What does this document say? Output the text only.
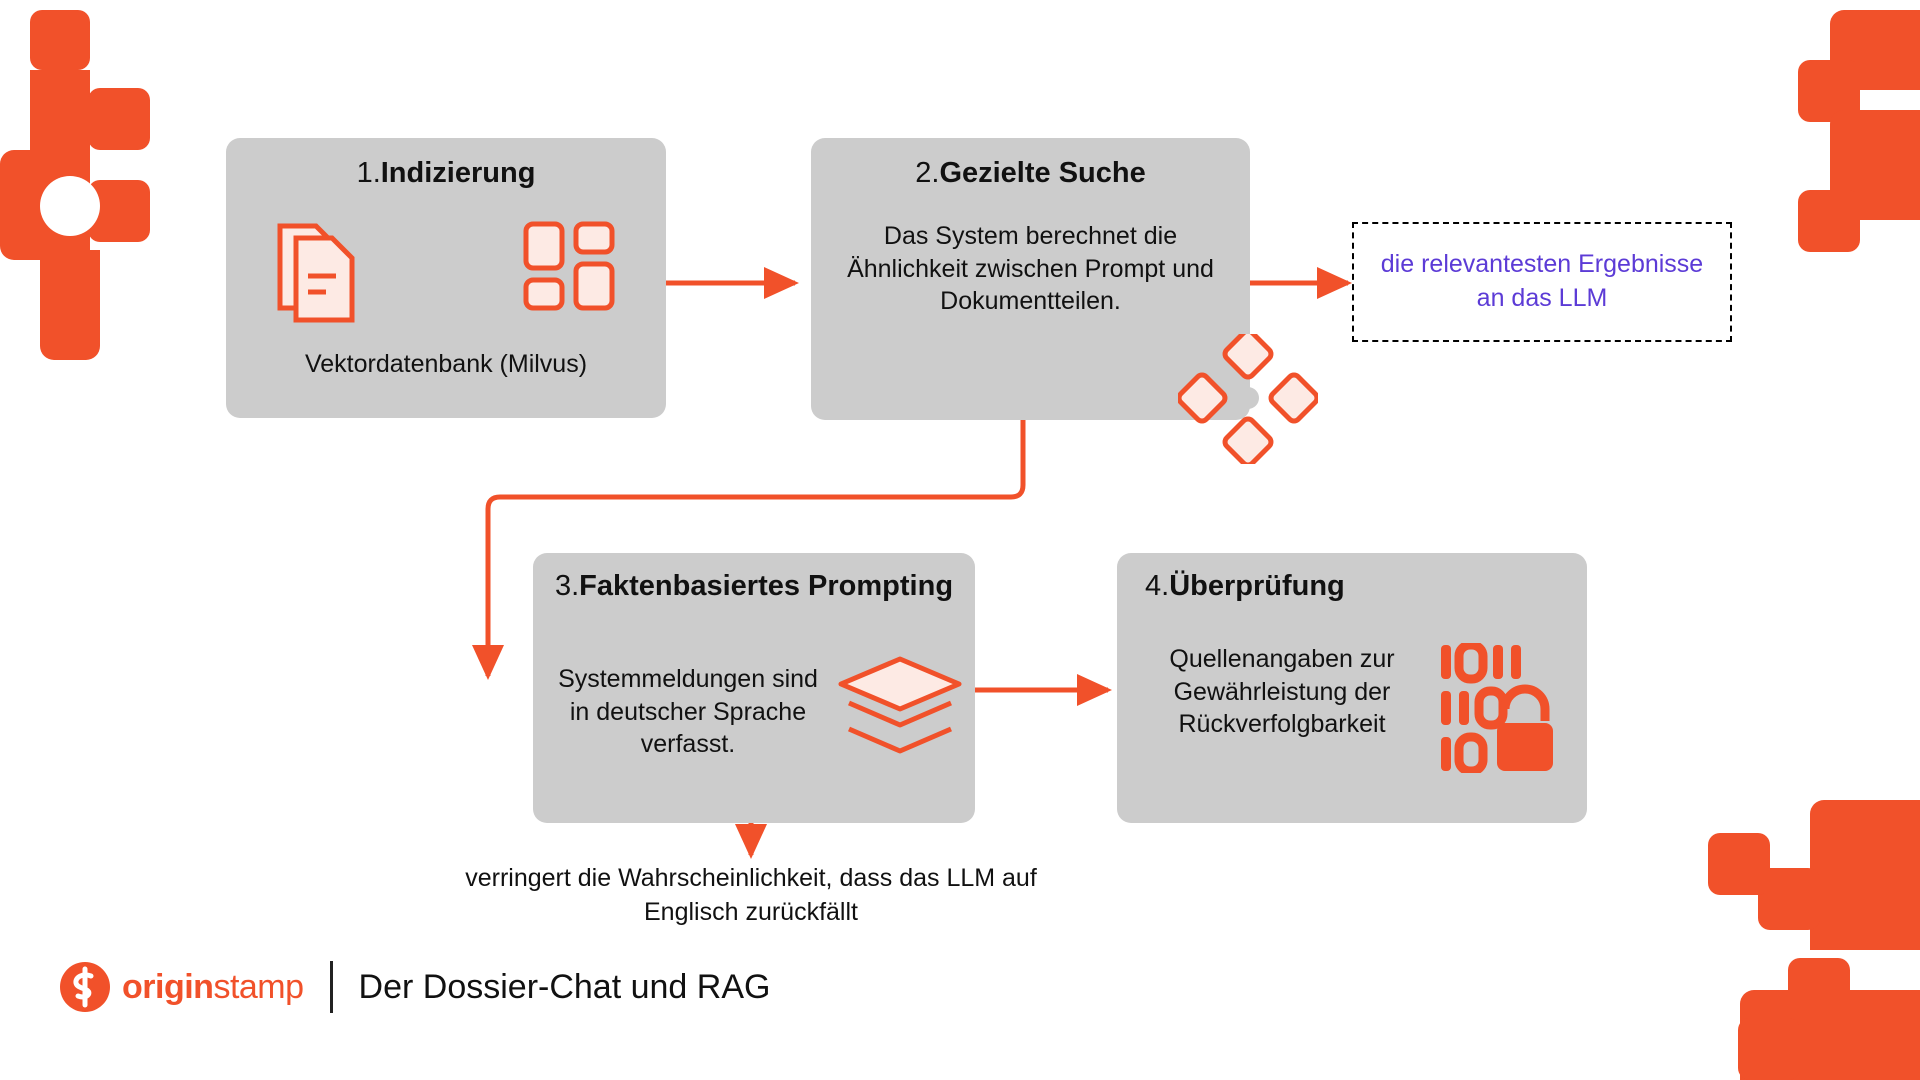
1.Indizierung
Vektordatenbank (Milvus)
2.Gezielte Suche
Das System berechnet die Ähnlichkeit zwischen Prompt und Dokumentteilen.
die relevantesten Ergebnisse an das LLM
3.Faktenbasiertes Prompting
Systemmeldungen sind in deutscher Sprache verfasst.
4.Überprüfung
Quellenangaben zur Gewährleistung der Rückverfolgbarkeit
verringert die Wahrscheinlichkeit, dass das LLM auf Englisch zurückfällt
originstamp Der Dossier-Chat und RAG
